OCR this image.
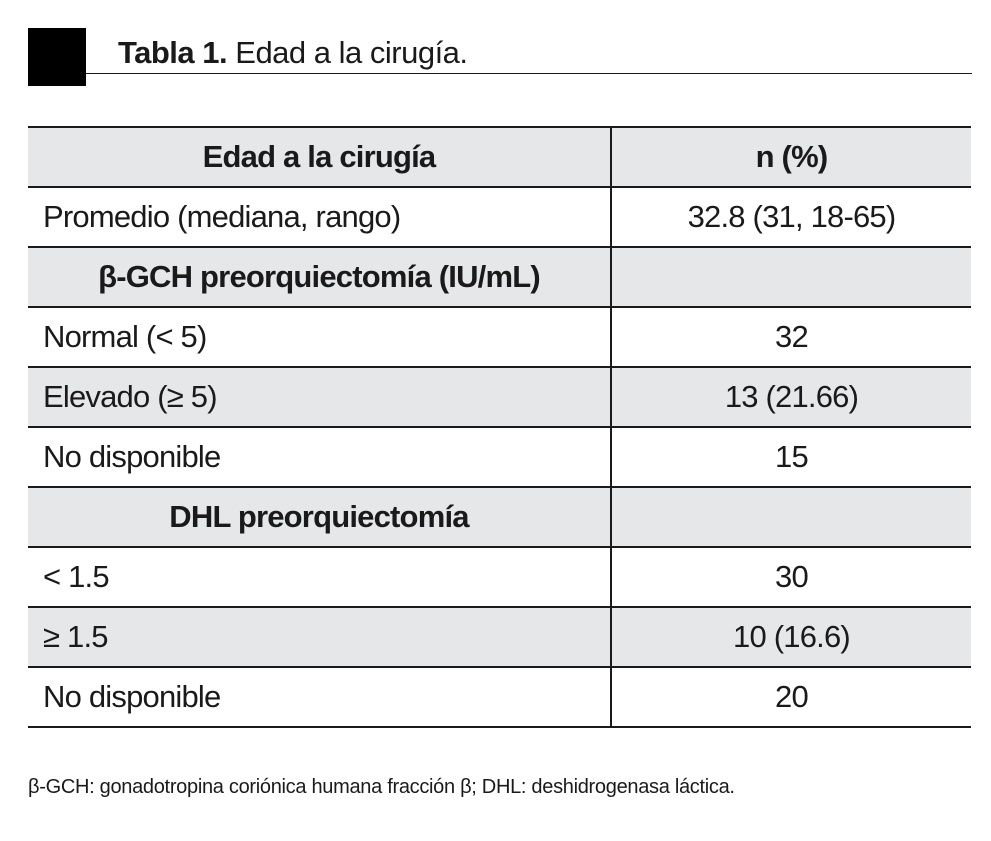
Tabla 1. Edad a la cirugía.
Edad a la cirugía	n (%)
Promedio (mediana, rango)	32.8 (31, 18-65)
β-GCH preorquiectomía (IU/mL)	
Normal (< 5)	32
Elevado (≥ 5)	13 (21.66)
No disponible	15
DHL preorquiectomía	
< 1.5	30
≥ 1.5	10 (16.6)
No disponible	20
β-GCH: gonadotropina coriónica humana fracción β; DHL: deshidrogenasa láctica.
